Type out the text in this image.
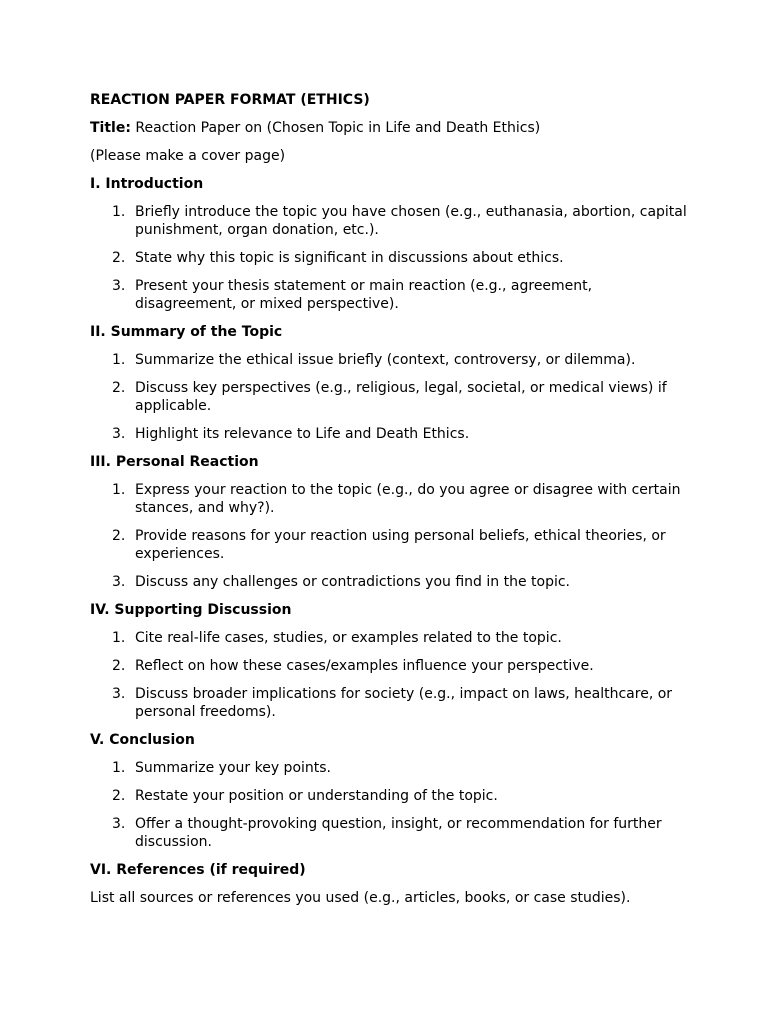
REACTION PAPER FORMAT (ETHICS)
Title: Reaction Paper on (Chosen Topic in Life and Death Ethics)
(Please make a cover page)
I. Introduction
1. Briefly introduce the topic you have chosen (e.g., euthanasia, abortion, capital punishment, organ donation, etc.).
2. State why this topic is significant in discussions about ethics.
3. Present your thesis statement or main reaction (e.g., agreement, disagreement, or mixed perspective).
II. Summary of the Topic
1. Summarize the ethical issue briefly (context, controversy, or dilemma).
2. Discuss key perspectives (e.g., religious, legal, societal, or medical views) if applicable.
3. Highlight its relevance to Life and Death Ethics.
III. Personal Reaction
1. Express your reaction to the topic (e.g., do you agree or disagree with certain stances, and why?).
2. Provide reasons for your reaction using personal beliefs, ethical theories, or experiences.
3. Discuss any challenges or contradictions you find in the topic.
IV. Supporting Discussion
1. Cite real-life cases, studies, or examples related to the topic.
2. Reflect on how these cases/examples influence your perspective.
3. Discuss broader implications for society (e.g., impact on laws, healthcare, or personal freedoms).
V. Conclusion
1. Summarize your key points.
2. Restate your position or understanding of the topic.
3. Offer a thought-provoking question, insight, or recommendation for further discussion.
VI. References (if required)
List all sources or references you used (e.g., articles, books, or case studies).
